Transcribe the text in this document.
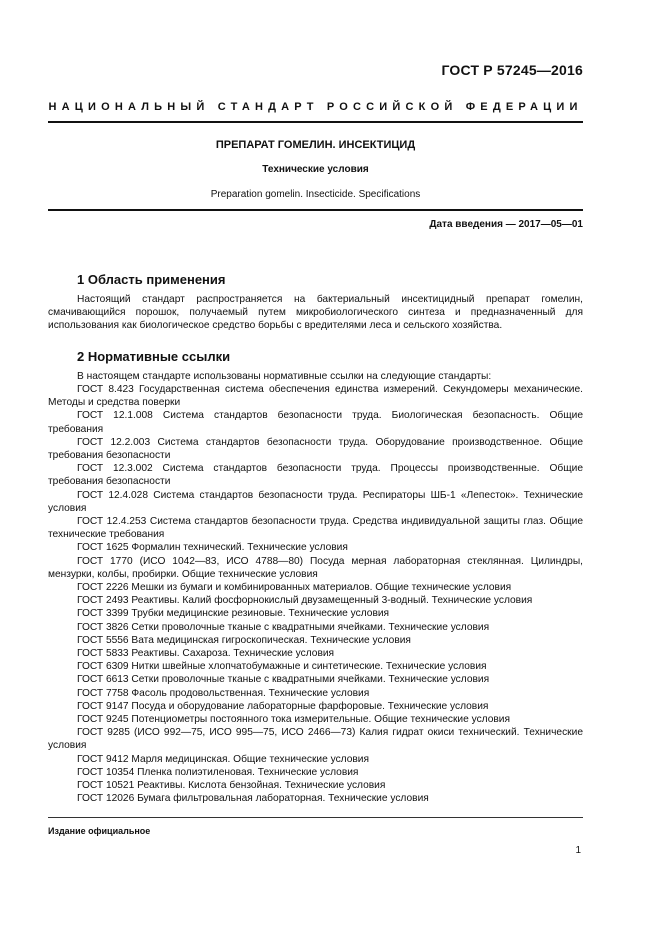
ГОСТ Р 57245—2016
НАЦИОНАЛЬНЫЙ СТАНДАРТ РОССИЙСКОЙ ФЕДЕРАЦИИ
ПРЕПАРАТ ГОМЕЛИН. ИНСЕКТИЦИД
Технические условия
Preparation gomelin. Insecticide. Specifications
Дата введения — 2017—05—01
1 Область применения
Настоящий стандарт распространяется на бактериальный инсектицидный препарат гомелин, смачивающийся порошок, получаемый путем микробиологического синтеза и предназначенный для использования как биологическое средство борьбы с вредителями леса и сельского хозяйства.
2 Нормативные ссылки
В настоящем стандарте использованы нормативные ссылки на следующие стандарты:
ГОСТ 8.423 Государственная система обеспечения единства измерений. Секундомеры механические. Методы и средства поверки
ГОСТ 12.1.008 Система стандартов безопасности труда. Биологическая безопасность. Общие требования
ГОСТ 12.2.003 Система стандартов безопасности труда. Оборудование производственное. Общие требования безопасности
ГОСТ 12.3.002 Система стандартов безопасности труда. Процессы производственные. Общие требования безопасности
ГОСТ 12.4.028 Система стандартов безопасности труда. Респираторы ШБ-1 «Лепесток». Технические условия
ГОСТ 12.4.253 Система стандартов безопасности труда. Средства индивидуальной защиты глаз. Общие технические требования
ГОСТ 1625 Формалин технический. Технические условия
ГОСТ 1770 (ИСО 1042—83, ИСО 4788—80) Посуда мерная лабораторная стеклянная. Цилиндры, мензурки, колбы, пробирки. Общие технические условия
ГОСТ 2226 Мешки из бумаги и комбинированных материалов. Общие технические условия
ГОСТ 2493 Реактивы. Калий фосфорнокислый двузамещенный 3-водный. Технические условия
ГОСТ 3399 Трубки медицинские резиновые. Технические условия
ГОСТ 3826 Сетки проволочные тканые с квадратными ячейками. Технические условия
ГОСТ 5556 Вата медицинская гигроскопическая. Технические условия
ГОСТ 5833 Реактивы. Сахароза. Технические условия
ГОСТ 6309 Нитки швейные хлопчатобумажные и синтетические. Технические условия
ГОСТ 6613 Сетки проволочные тканые с квадратными ячейками. Технические условия
ГОСТ 7758 Фасоль продовольственная. Технические условия
ГОСТ 9147 Посуда и оборудование лабораторные фарфоровые. Технические условия
ГОСТ 9245 Потенциометры постоянного тока измерительные. Общие технические условия
ГОСТ 9285 (ИСО 992—75, ИСО 995—75, ИСО 2466—73) Калия гидрат окиси технический. Технические условия
ГОСТ 9412 Марля медицинская. Общие технические условия
ГОСТ 10354 Пленка полиэтиленовая. Технические условия
ГОСТ 10521 Реактивы. Кислота бензойная. Технические условия
ГОСТ 12026 Бумага фильтровальная лабораторная. Технические условия
Издание официальное
1
